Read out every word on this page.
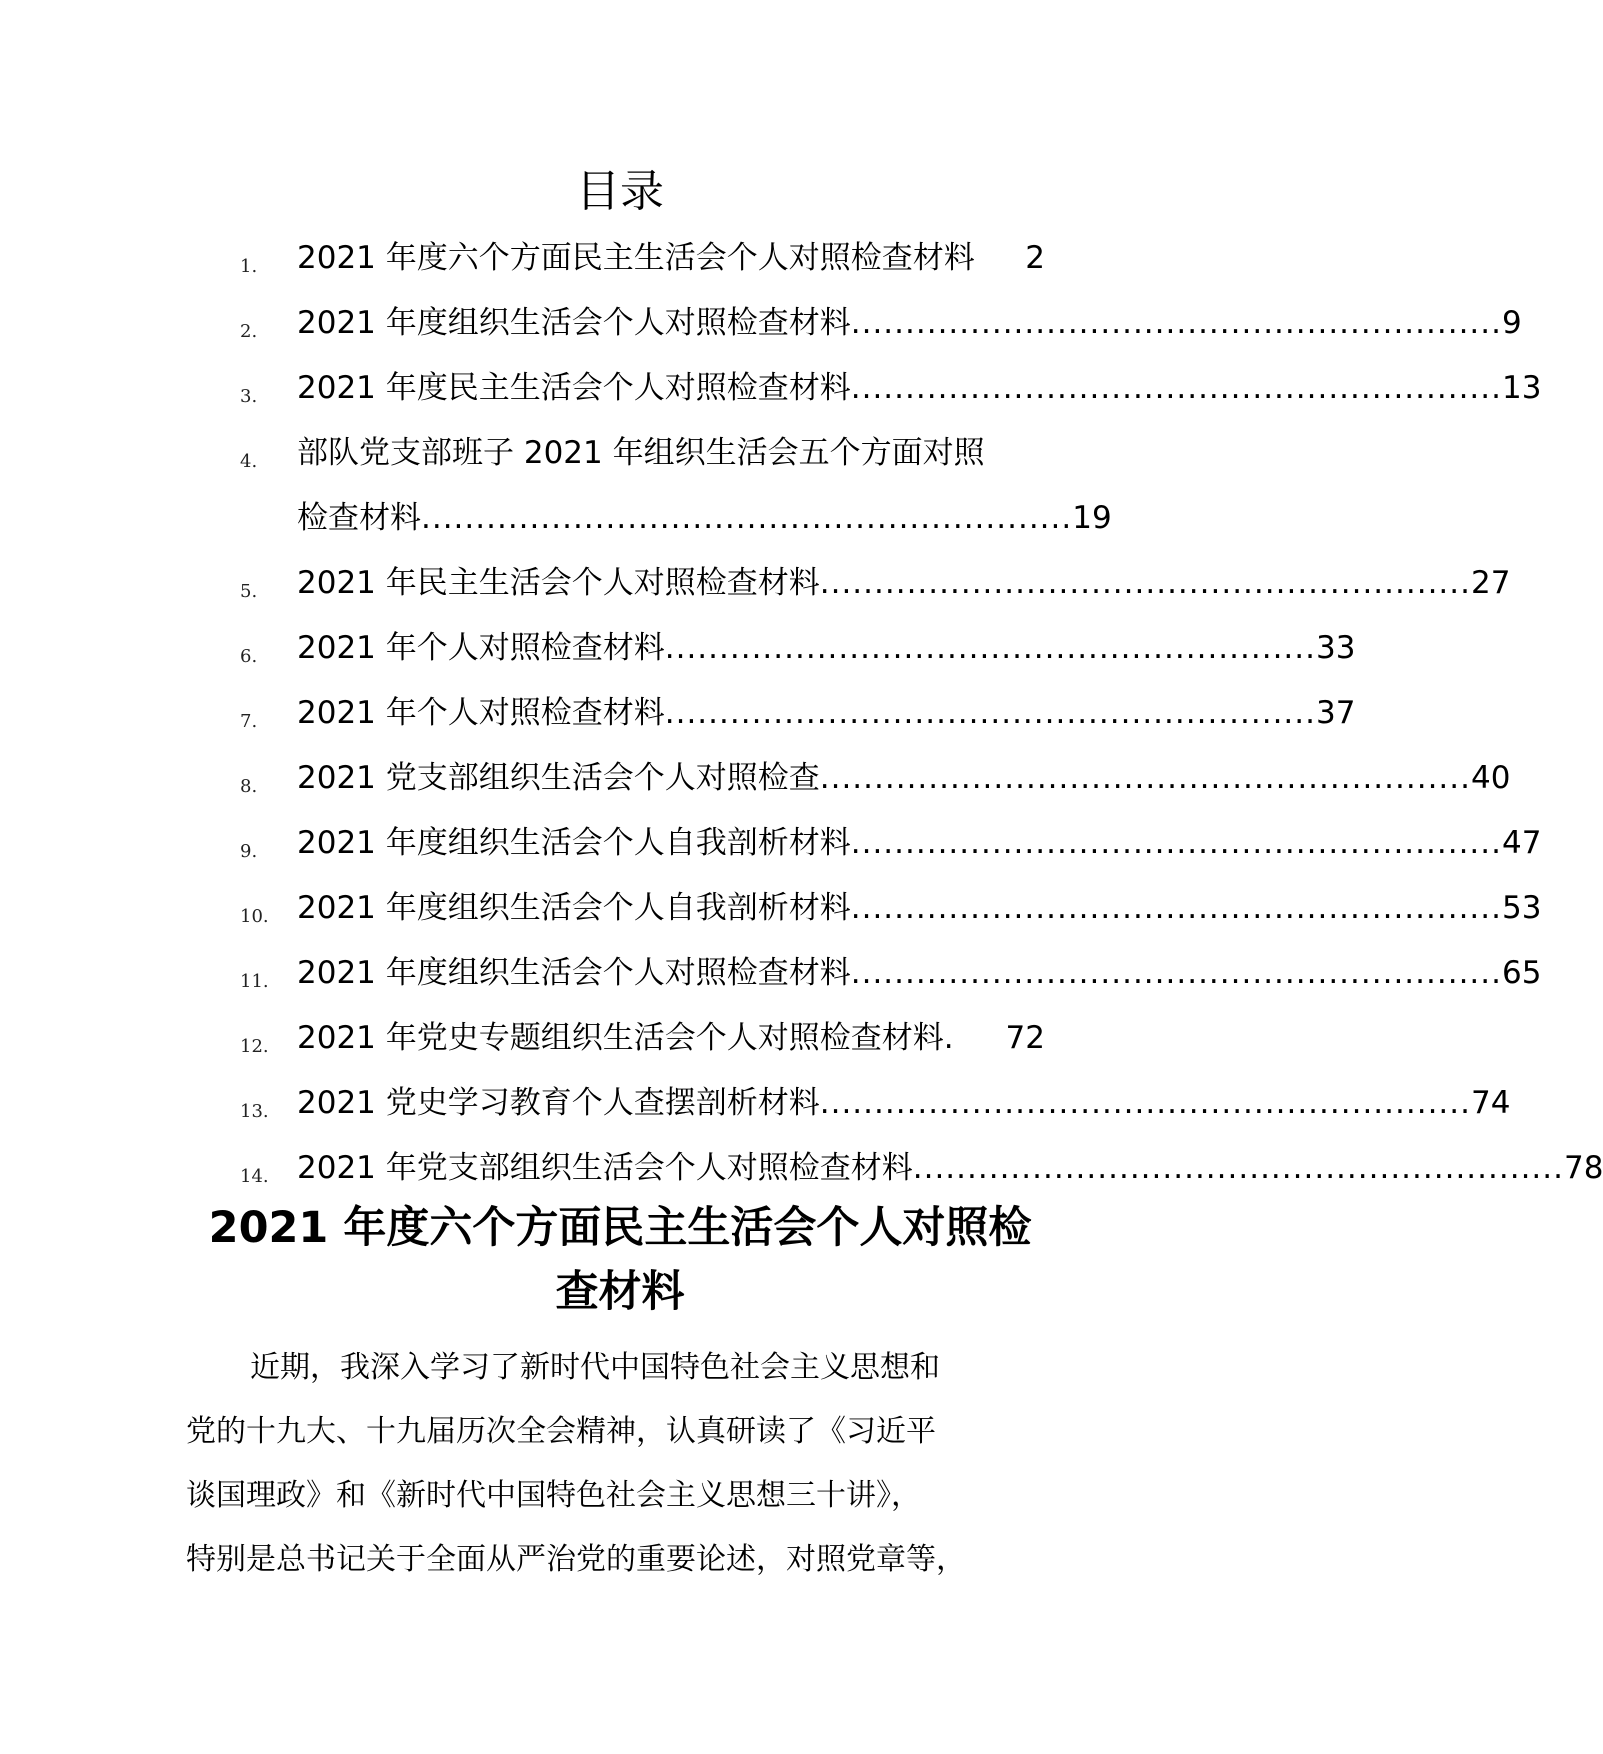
目录
1.	2021 年度六个方面民主生活会个人对照检查材料 2
2.	2021 年度组织生活会个人对照检查材料 ............................................................ 9
3.	2021 年度民主生活会个人对照检查材料 ............................................................ 13
4.	部队党支部班子 2021 年组织生活会五个方面对照
检查材料 ............................................................ 19
5.	2021 年民主生活会个人对照检查材料 ............................................................ 27
6.	2021 年个人对照检查材料 ............................................................ 33
7.	2021 年个人对照检查材料 ............................................................ 37
8.	2021 党支部组织生活会个人对照检查 ............................................................ 40
9.	2021 年度组织生活会个人自我剖析材料 ............................................................ 47
10. 2021 年度组织生活会个人自我剖析材料 ............................................................ 53
11. 2021 年度组织生活会个人对照检查材料 ............................................................ 65
12. 2021 年党史专题组织生活会个人对照检查材料 .	72
13. 2021 党史学习教育个人查摆剖析材料 ............................................................ 74
14. 2021 年党支部组织生活会个人对照检查材料 ............................................................ 78
2021 年度六个方面民主生活会个人对照检
查材料
近期，我深入学习了新时代中国特色社会主义思想和
党的十九大、十九届历次全会精神，认真研读了《习近平
谈国理政》和《新时代中国特色社会主义思想三十讲》，
特别是总书记关于全面从严治党的重要论述，对照党章等，
